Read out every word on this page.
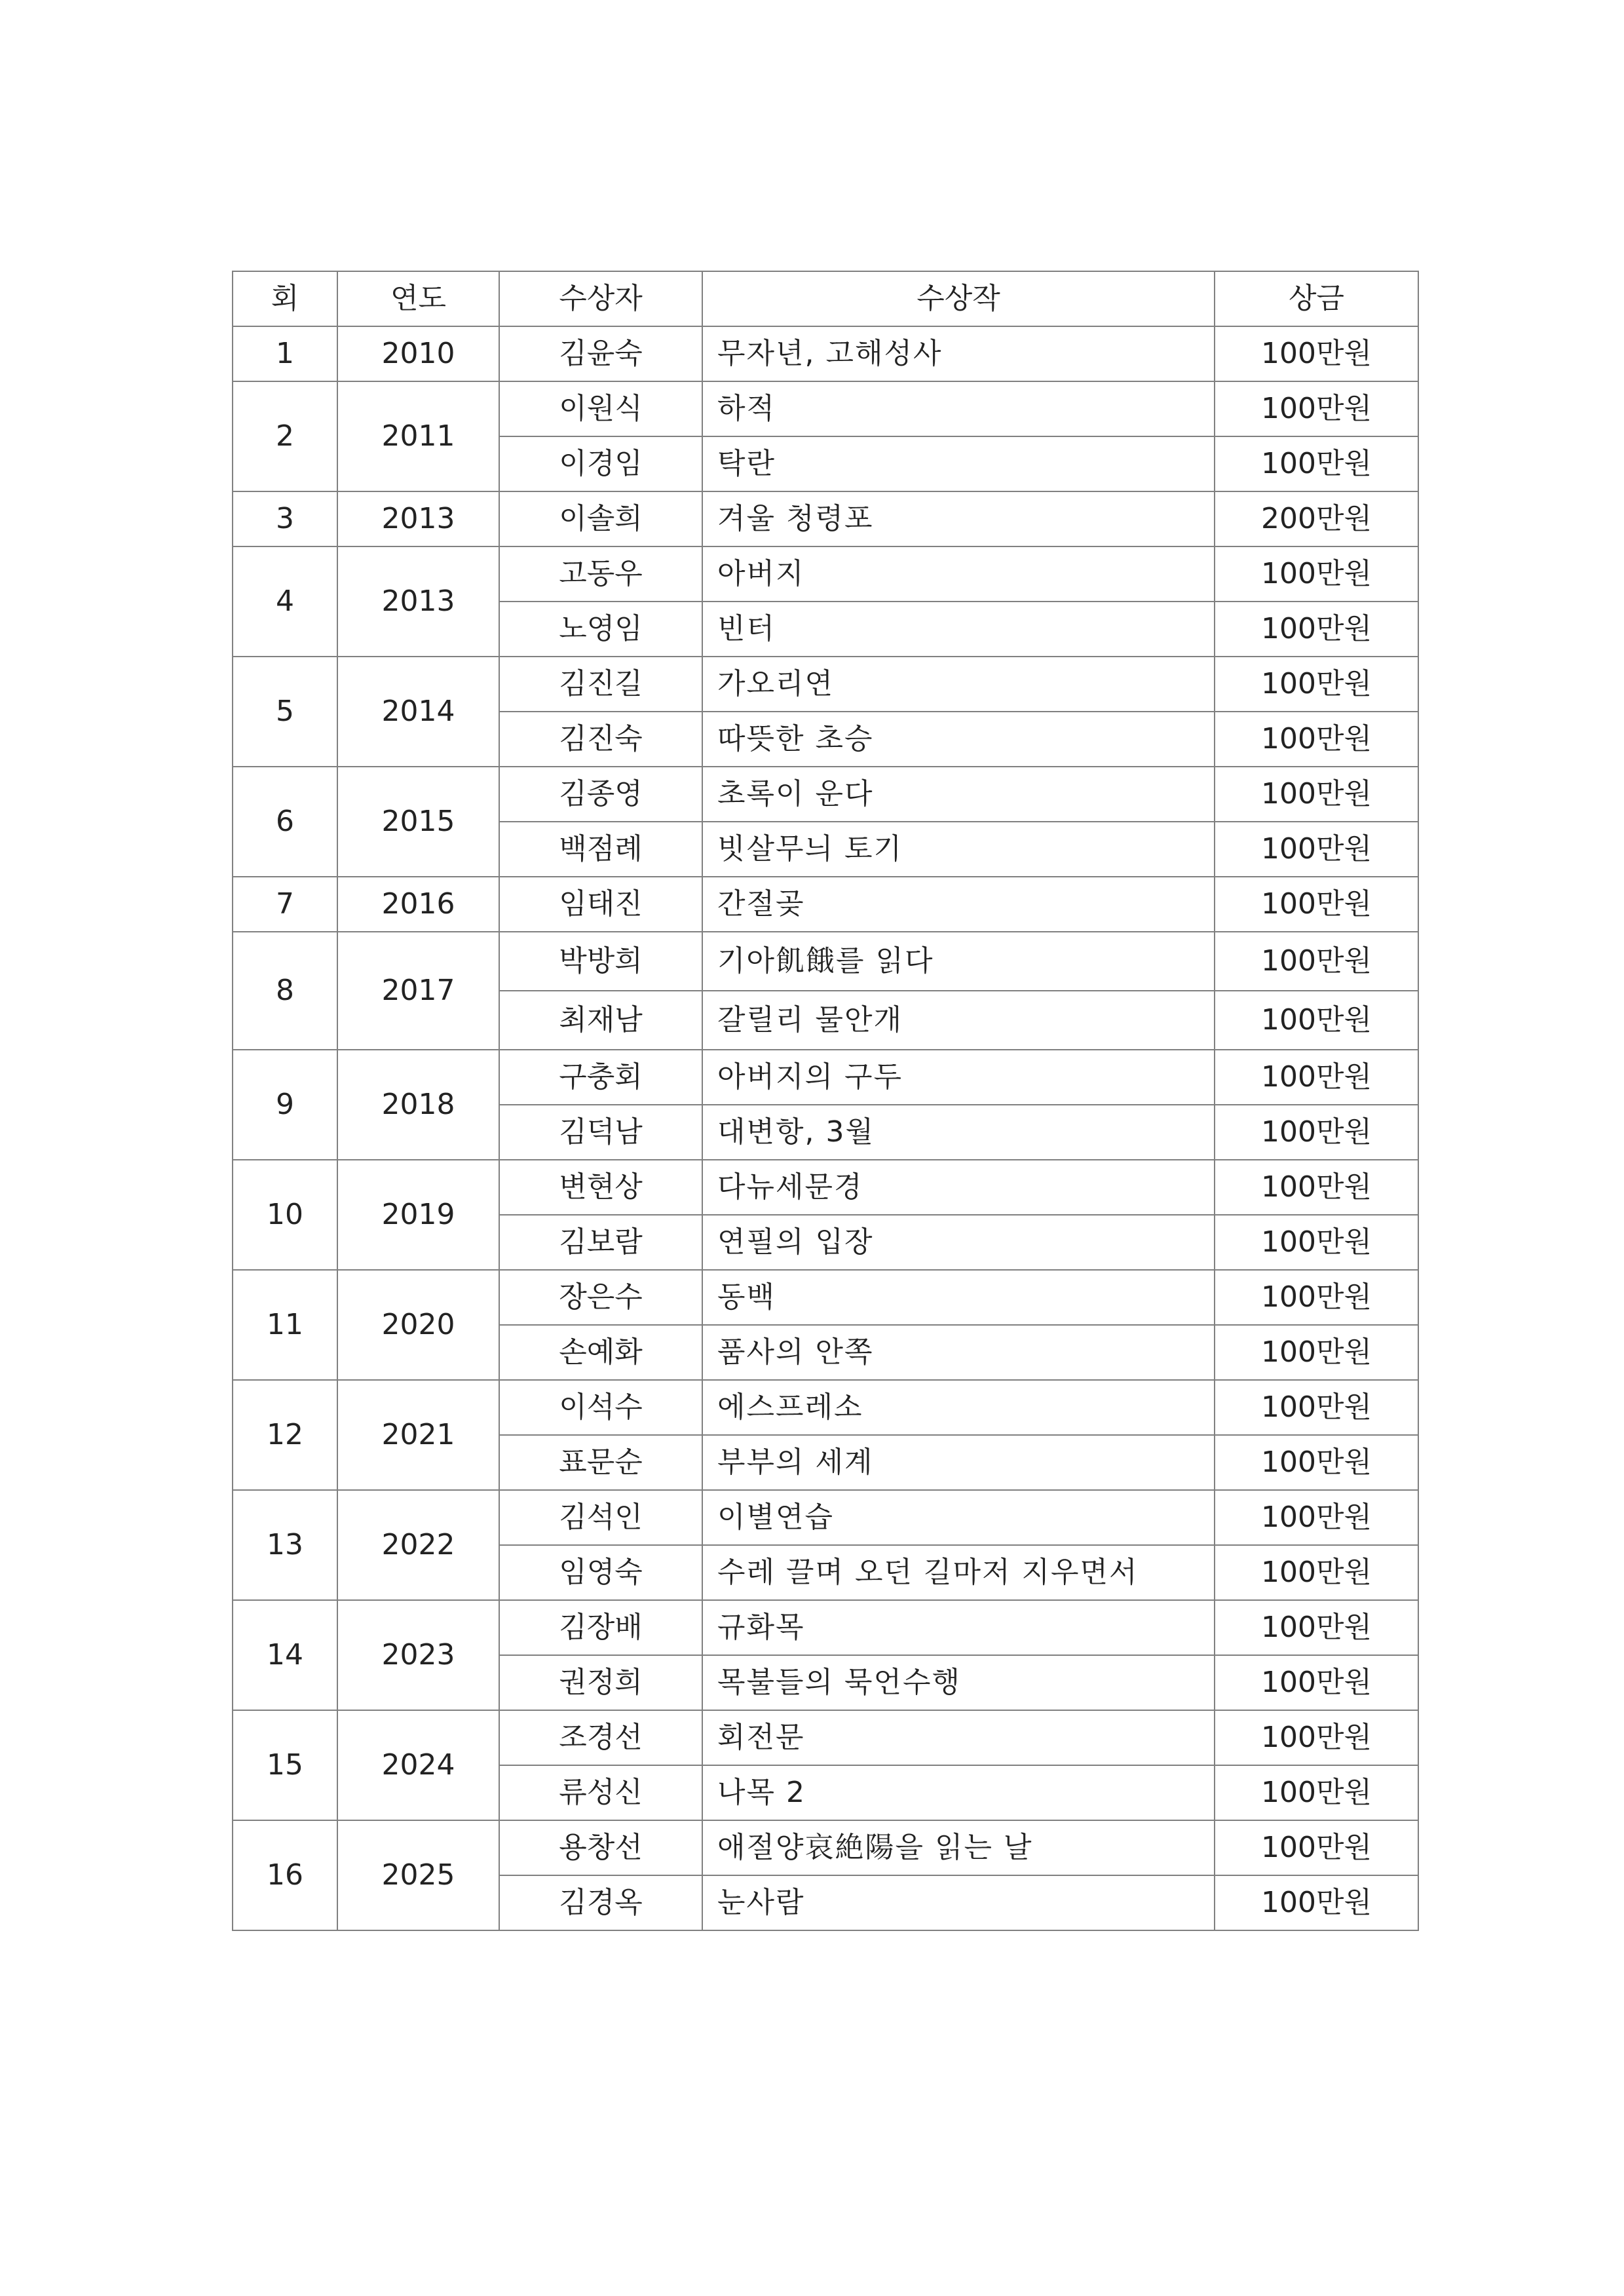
회	연도	수상자	수상작	상금
1	2010	김윤숙	무자년, 고해성사	100만원
2	2011	이원식	하적	100만원
		이경임	탁란	100만원
3	2013	이솔희	겨울 청령포	200만원
4	2013	고동우	아버지	100만원
		노영임	빈터	100만원
5	2014	김진길	가오리연	100만원
		김진숙	따뜻한 초승	100만원
6	2015	김종영	초록이 운다	100만원
		백점례	빗살무늬 토기	100만원
7	2016	임태진	간절곶	100만원
8	2017	박방희	기아飢餓를 읽다	100만원
		최재남	갈릴리 물안개	100만원
9	2018	구충회	아버지의 구두	100만원
		김덕남	대변항, 3월	100만원
10	2019	변현상	다뉴세문경	100만원
		김보람	연필의 입장	100만원
11	2020	장은수	동백	100만원
		손예화	품사의 안쪽	100만원
12	2021	이석수	에스프레소	100만원
		표문순	부부의 세계	100만원
13	2022	김석인	이별연습	100만원
		임영숙	수레 끌며 오던 길마저 지우면서	100만원
14	2023	김장배	규화목	100만원
		권정희	목불들의 묵언수행	100만원
15	2024	조경선	회전문	100만원
		류성신	나목 2	100만원
16	2025	용창선	애절양哀絶陽을 읽는 날	100만원
		김경옥	눈사람	100만원
